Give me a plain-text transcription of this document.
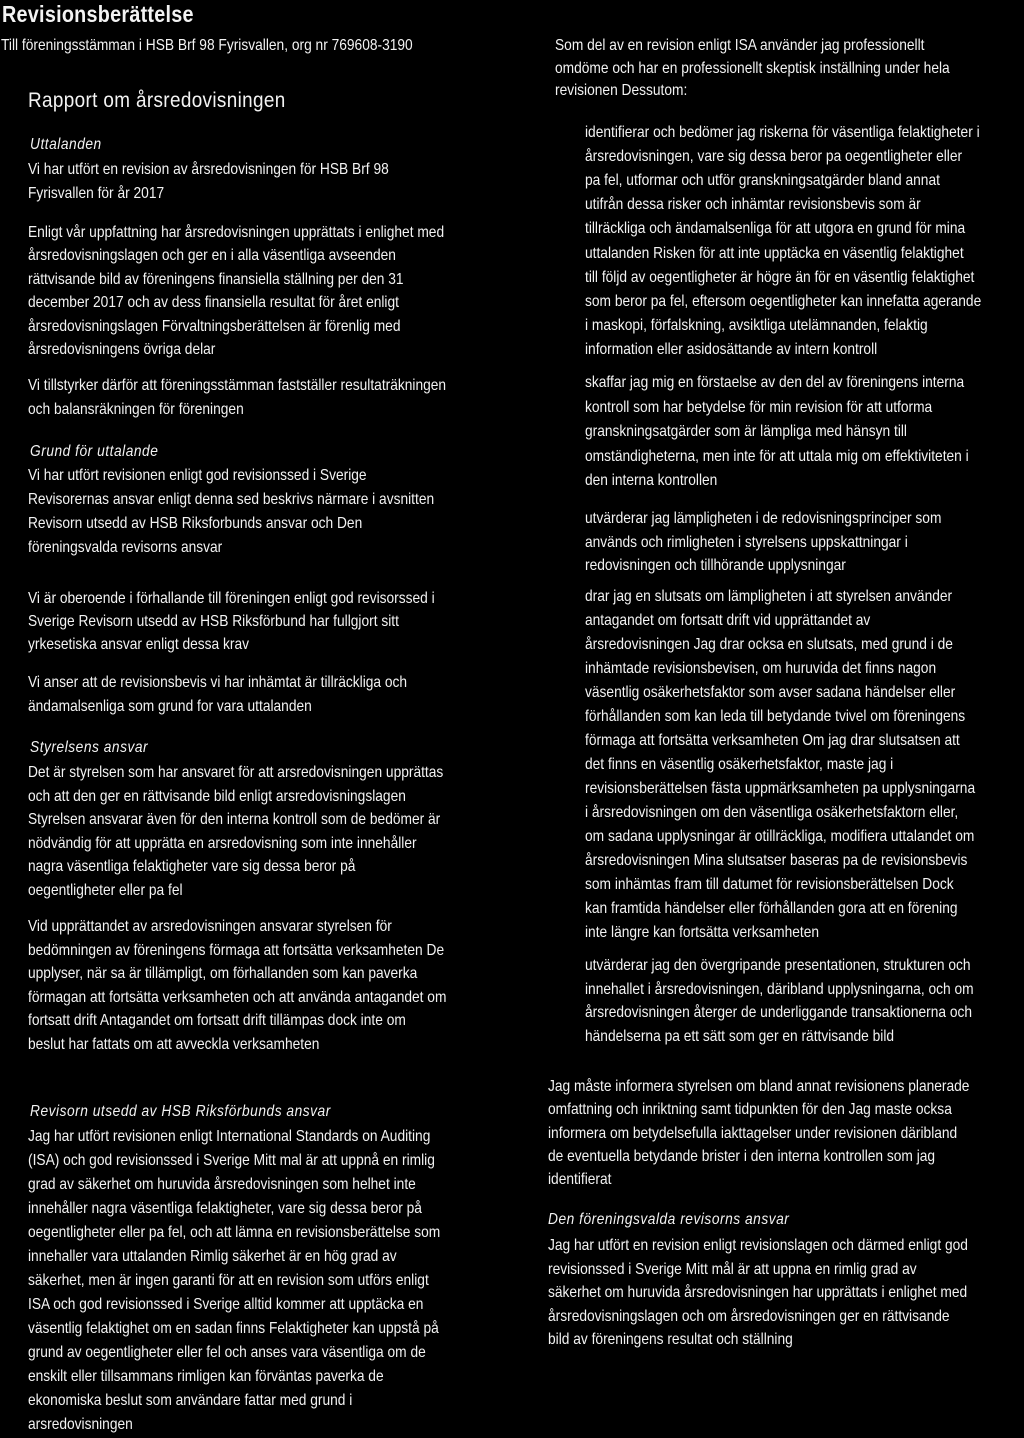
Revisionsberättelse
Till föreningsstämman i HSB Brf 98 Fyrisvallen, org nr 769608-3190
Rapport om årsredovisningen
Uttalanden
Vi har utfört en revision av årsredovisningen för HSB Brf 98
Fyrisvallen för år 2017
Enligt vår uppfattning har årsredovisningen upprättats i enlighet med
årsredovisningslagen och ger en i alla väsentliga avseenden
rättvisande bild av föreningens finansiella ställning per den 31
december 2017 och av dess finansiella resultat för året enligt
årsredovisningslagen Förvaltningsberättelsen är förenlig med
årsredovisningens övriga delar
Vi tillstyrker därför att föreningsstämman fastställer resultaträkningen
och balansräkningen för föreningen
Grund för uttalande
Vi har utfört revisionen enligt god revisionssed i Sverige
Revisorernas ansvar enligt denna sed beskrivs närmare i avsnitten
Revisorn utsedd av HSB Riksforbunds ansvar och Den
föreningsvalda revisorns ansvar
Vi är oberoende i förhallande till föreningen enligt god revisorssed i
Sverige Revisorn utsedd av HSB Riksförbund har fullgjort sitt
yrkesetiska ansvar enligt dessa krav
Vi anser att de revisionsbevis vi har inhämtat är tillräckliga och
ändamalsenliga som grund for vara uttalanden
Styrelsens ansvar
Det är styrelsen som har ansvaret för att arsredovisningen upprättas
och att den ger en rättvisande bild enligt arsredovisningslagen
Styrelsen ansvarar även för den interna kontroll som de bedömer är
nödvändig för att upprätta en arsredovisning som inte innehåller
nagra väsentliga felaktigheter vare sig dessa beror på
oegentligheter eller pa fel
Vid upprättandet av arsredovisningen ansvarar styrelsen för
bedömningen av föreningens förmaga att fortsätta verksamheten De
upplyser, när sa är tillämpligt, om förhallanden som kan paverka
förmagan att fortsätta verksamheten och att använda antagandet om
fortsatt drift Antagandet om fortsatt drift tillämpas dock inte om
beslut har fattats om att avveckla verksamheten
Revisorn utsedd av HSB Riksförbunds ansvar
Jag har utfört revisionen enligt International Standards on Auditing
(ISA) och god revisionssed i Sverige Mitt mal är att uppnå en rimlig
grad av säkerhet om huruvida årsredovisningen som helhet inte
innehåller nagra väsentliga felaktigheter, vare sig dessa beror på
oegentligheter eller pa fel, och att lämna en revisionsberättelse som
innehaller vara uttalanden Rimlig säkerhet är en hög grad av
säkerhet, men är ingen garanti för att en revision som utförs enligt
ISA och god revisionssed i Sverige alltid kommer att upptäcka en
väsentlig felaktighet om en sadan finns Felaktigheter kan uppstå på
grund av oegentligheter eller fel och anses vara väsentliga om de
enskilt eller tillsammans rimligen kan förväntas paverka de
ekonomiska beslut som användare fattar med grund i
arsredovisningen
Som del av en revision enligt ISA använder jag professionellt
omdöme och har en professionellt skeptisk inställning under hela
revisionen Dessutom:
identifierar och bedömer jag riskerna för väsentliga felaktigheter i
årsredovisningen, vare sig dessa beror pa oegentligheter eller
pa fel, utformar och utför granskningsatgärder bland annat
utifrån dessa risker och inhämtar revisionsbevis som är
tillräckliga och ändamalsenliga för att utgora en grund för mina
uttalanden Risken för att inte upptäcka en väsentlig felaktighet
till följd av oegentligheter är högre än för en väsentlig felaktighet
som beror pa fel, eftersom oegentligheter kan innefatta agerande
i maskopi, förfalskning, avsiktliga utelämnanden, felaktig
information eller asidosättande av intern kontroll
skaffar jag mig en förstaelse av den del av föreningens interna
kontroll som har betydelse för min revision för att utforma
granskningsatgärder som är lämpliga med hänsyn till
omständigheterna, men inte för att uttala mig om effektiviteten i
den interna kontrollen
utvärderar jag lämpligheten i de redovisningsprinciper som
används och rimligheten i styrelsens uppskattningar i
redovisningen och tillhörande upplysningar
drar jag en slutsats om lämpligheten i att styrelsen använder
antagandet om fortsatt drift vid upprättandet av
årsredovisningen Jag drar ocksa en slutsats, med grund i de
inhämtade revisionsbevisen, om huruvida det finns nagon
väsentlig osäkerhetsfaktor som avser sadana händelser eller
förhållanden som kan leda till betydande tvivel om föreningens
förmaga att fortsätta verksamheten Om jag drar slutsatsen att
det finns en väsentlig osäkerhetsfaktor, maste jag i
revisionsberättelsen fästa uppmärksamheten pa upplysningarna
i årsredovisningen om den väsentliga osäkerhetsfaktorn eller,
om sadana upplysningar är otillräckliga, modifiera uttalandet om
årsredovisningen Mina slutsatser baseras pa de revisionsbevis
som inhämtas fram till datumet för revisionsberättelsen Dock
kan framtida händelser eller förhållanden gora att en förening
inte längre kan fortsätta verksamheten
utvärderar jag den övergripande presentationen, strukturen och
innehallet i årsredovisningen, däribland upplysningarna, och om
årsredovisningen återger de underliggande transaktionerna och
händelserna pa ett sätt som ger en rättvisande bild
Jag måste informera styrelsen om bland annat revisionens planerade
omfattning och inriktning samt tidpunkten för den Jag maste ocksa
informera om betydelsefulla iakttagelser under revisionen däribland
de eventuella betydande brister i den interna kontrollen som jag
identifierat
Den föreningsvalda revisorns ansvar
Jag har utfört en revision enligt revisionslagen och därmed enligt god
revisionssed i Sverige Mitt mål är att uppna en rimlig grad av
säkerhet om huruvida årsredovisningen har upprättats i enlighet med
årsredovisningslagen och om årsredovisningen ger en rättvisande
bild av föreningens resultat och ställning
